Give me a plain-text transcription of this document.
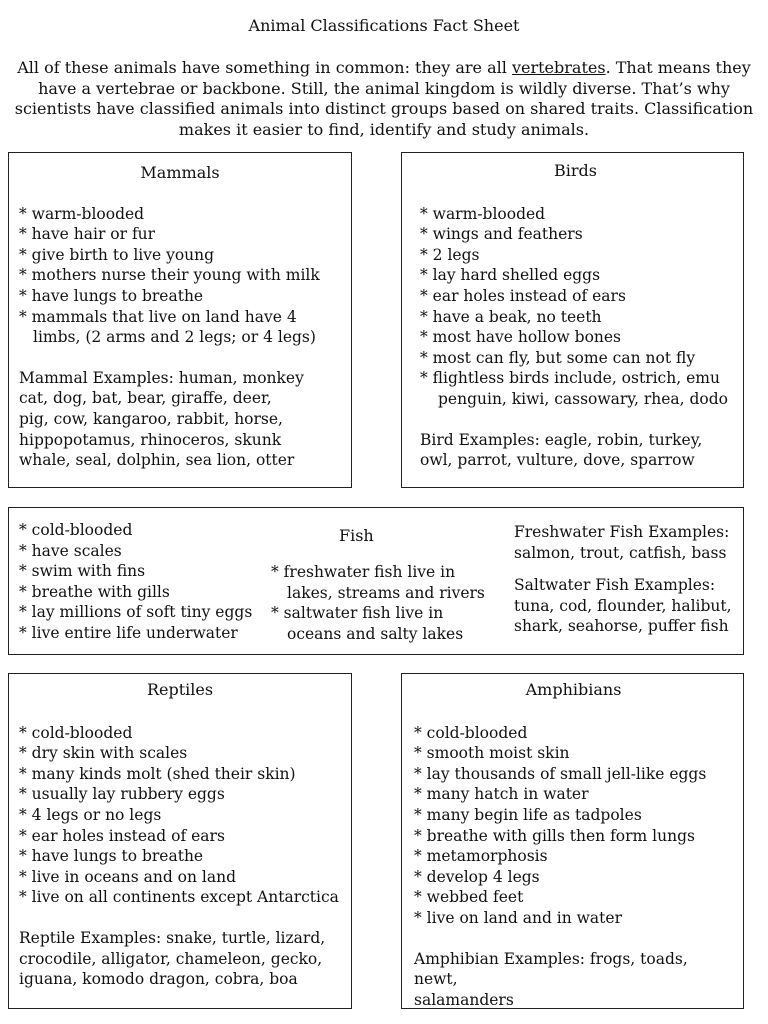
Animal Classifications Fact Sheet
All of these animals have something in common: they are all vertebrates. That means they have a vertebrae or backbone. Still, the animal kingdom is wildly diverse. That’s why scientists have classified animals into distinct groups based on shared traits. Classification makes it easier to find, identify and study animals.
Mammals
* warm-blooded
* have hair or fur
* give birth to live young
* mothers nurse their young with milk
* have lungs to breathe
* mammals that live on land have 4
limbs, (2 arms and 2 legs; or 4 legs)
Mammal Examples: human, monkey
cat, dog, bat, bear, giraffe, deer,
pig, cow, kangaroo, rabbit, horse,
hippopotamus, rhinoceros, skunk
whale, seal, dolphin, sea lion, otter
Birds
* warm-blooded
* wings and feathers
* 2 legs
* lay hard shelled eggs
* ear holes instead of ears
* have a beak, no teeth
* most have hollow bones
* most can fly, but some can not fly
* flightless birds include, ostrich, emu
penguin, kiwi, cassowary, rhea, dodo
Bird Examples: eagle, robin, turkey,
owl, parrot, vulture, dove, sparrow
* cold-blooded
* have scales
* swim with fins
* breathe with gills
* lay millions of soft tiny eggs
* live entire life underwater
Fish
* freshwater fish live in
lakes, streams and rivers
* saltwater fish live in
oceans and salty lakes
Freshwater Fish Examples:
salmon, trout, catfish, bass
Saltwater Fish Examples:
tuna, cod, flounder, halibut,
shark, seahorse, puffer fish
Reptiles
* cold-blooded
* dry skin with scales
* many kinds molt (shed their skin)
* usually lay rubbery eggs
* 4 legs or no legs
* ear holes instead of ears
* have lungs to breathe
* live in oceans and on land
* live on all continents except Antarctica
Reptile Examples: snake, turtle, lizard,
crocodile, alligator, chameleon, gecko,
iguana, komodo dragon, cobra, boa
Amphibians
* cold-blooded
* smooth moist skin
* lay thousands of small jell-like eggs
* many hatch in water
* many begin life as tadpoles
* breathe with gills then form lungs
* metamorphosis
* develop 4 legs
* webbed feet
* live on land and in water
Amphibian Examples: frogs, toads, newt,
salamanders
